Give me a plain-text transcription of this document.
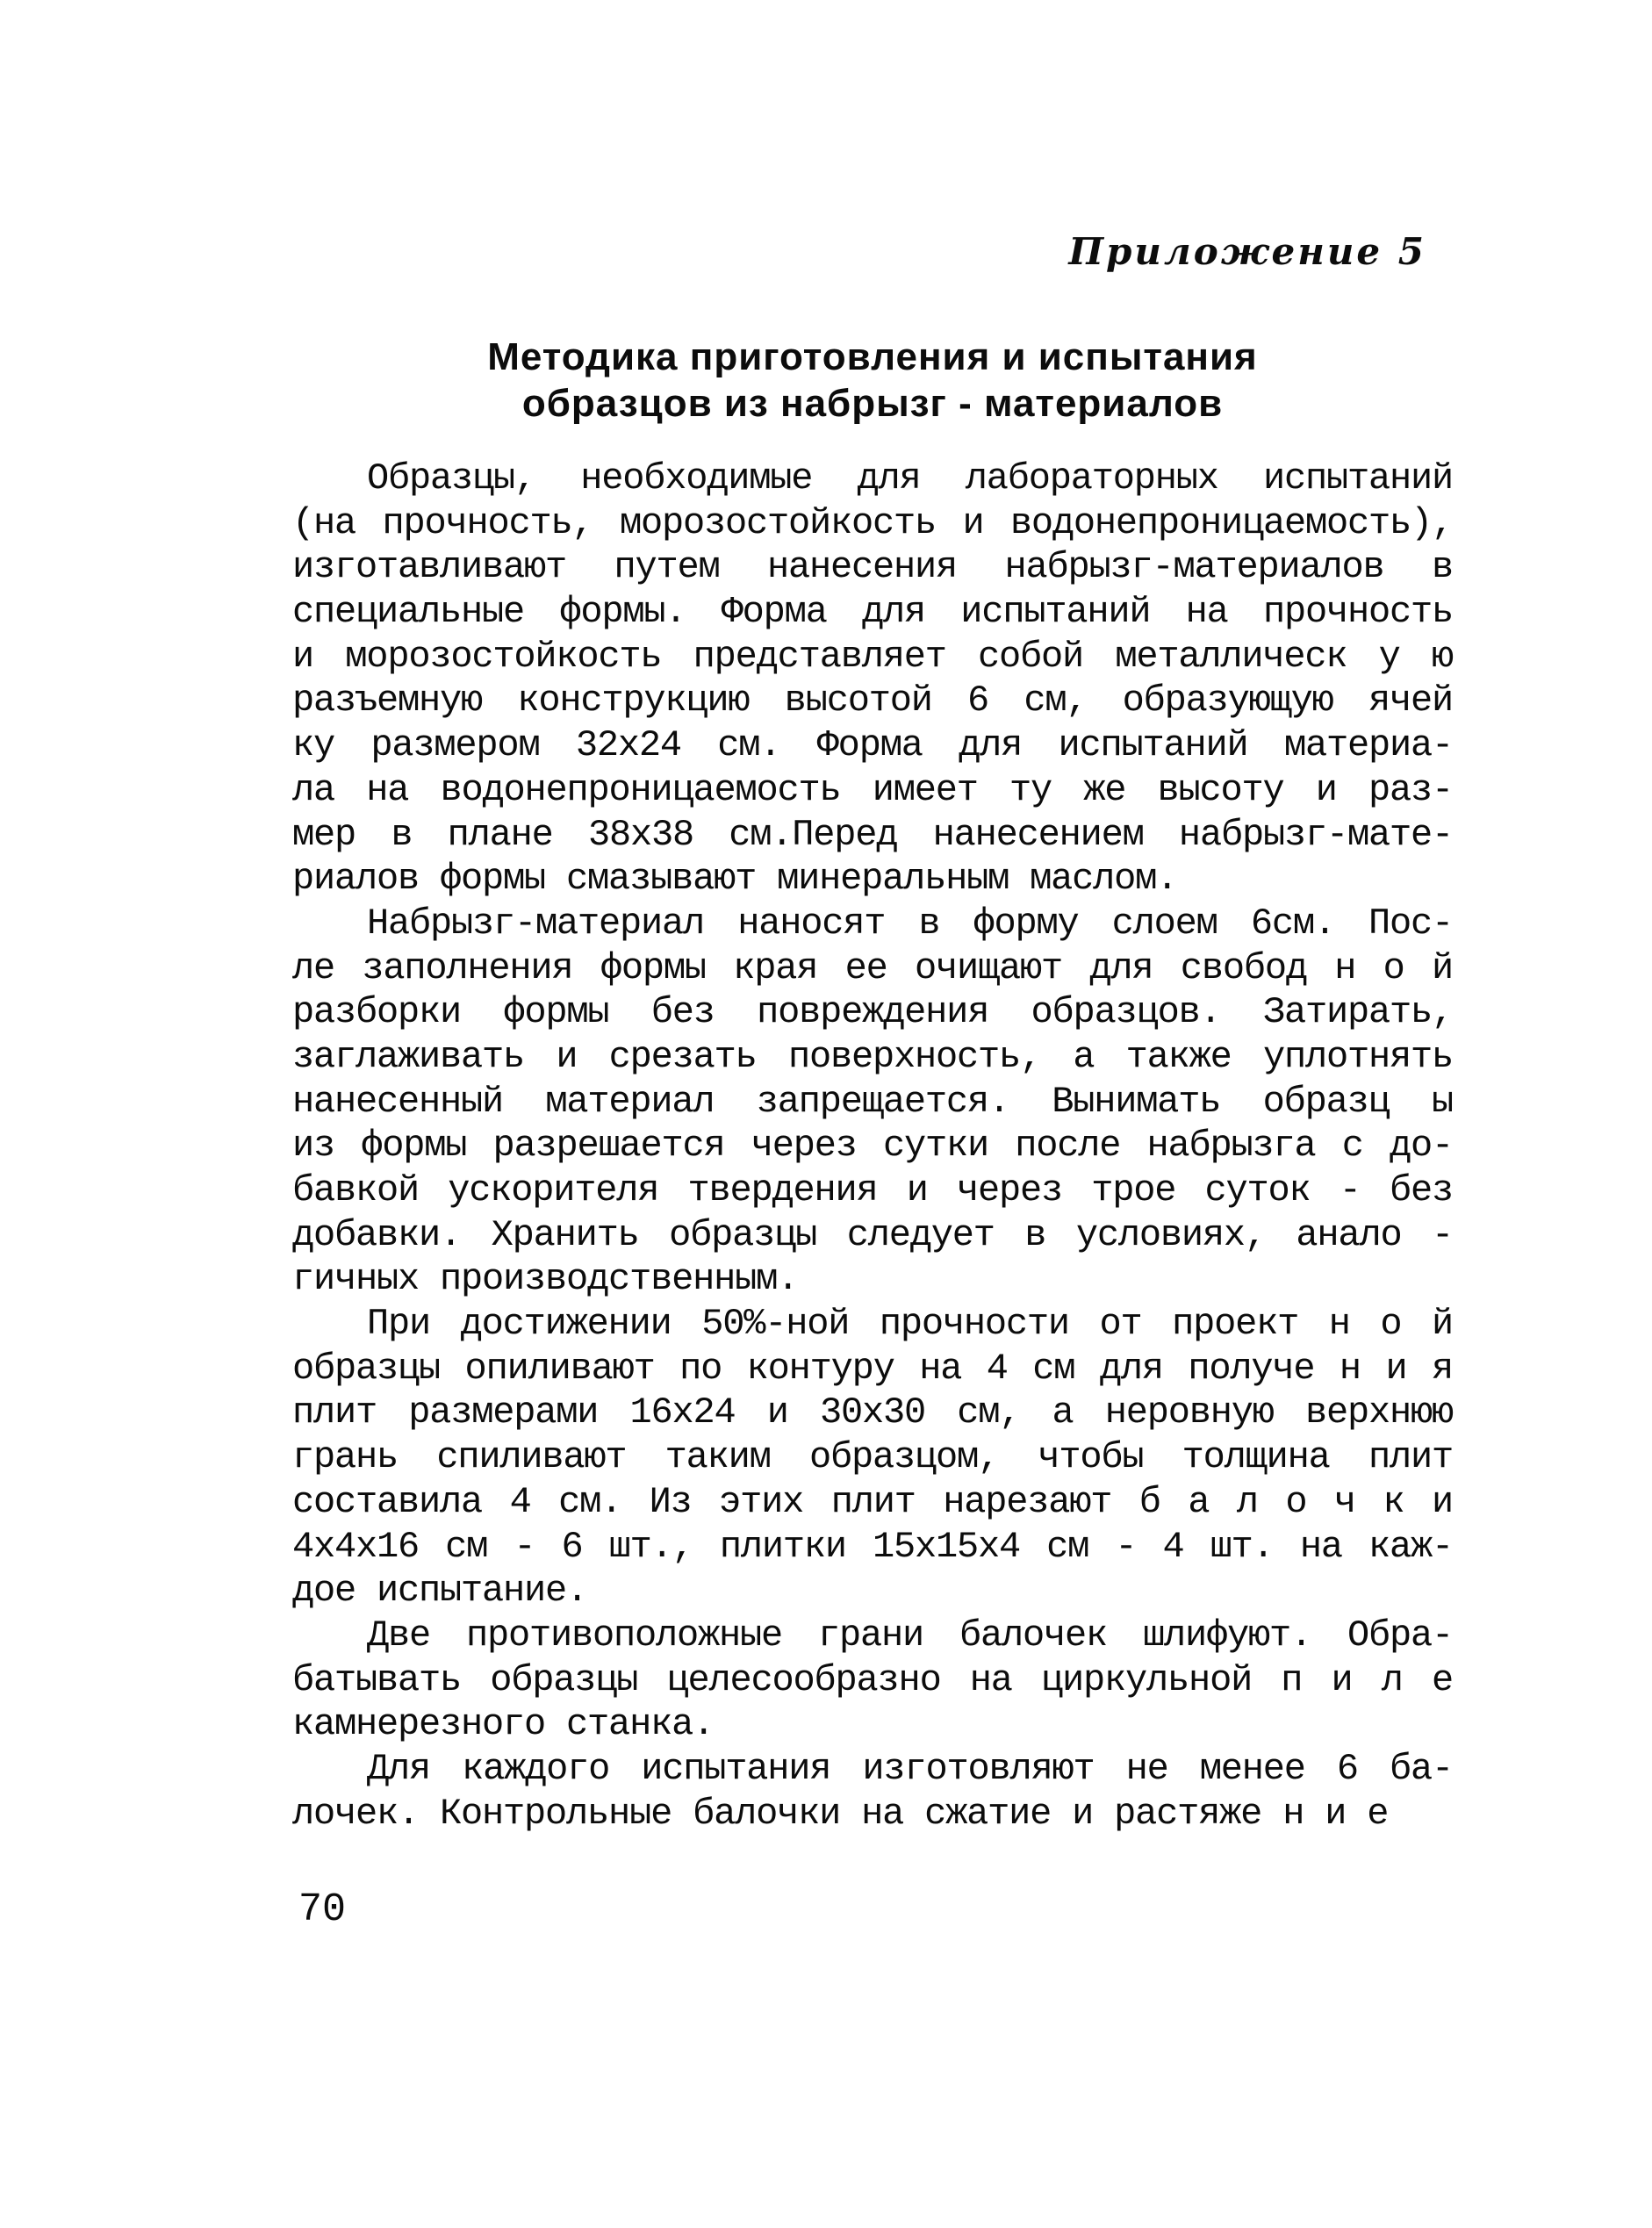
Приложение 5
Методика приготовления и испытания
образцов из набрызг - материалов
Образцы, необходимые для лабораторных испытаний
(на прочность, морозостойкость и водонепроницаемость),
изготавливают путем нанесения набрызг-материалов в
специальные формы. Форма для испытаний на прочность
и морозостойкость представляет собой металлическ у ю
разъемную конструкцию высотой 6 см, образующую ячей
ку размером 32х24 см. Форма для испытаний материа-
ла на водонепроницаемость имеет ту же высоту и раз-
мер в плане 38х38 см.Перед нанесением набрызг-мате-
риалов формы смазывают минеральным маслом.
Набрызг-материал наносят в форму слоем 6см. Пос-
ле заполнения формы края ее очищают для свобод н о й
разборки формы без повреждения образцов. Затирать,
заглаживать и срезать поверхность, а также уплотнять
нанесенный материал запрещается. Вынимать образц ы
из формы разрешается через сутки после набрызга с до-
бавкой ускорителя твердения и через трое суток - без
добавки. Хранить образцы следует в условиях, анало -
гичных производственным.
При достижении 50%-ной прочности от проект н о й
образцы опиливают по контуру на 4 см для получе н и я
плит размерами 16х24 и 30х30 см, а неровную верхнюю
грань спиливают таким образцом, чтобы толщина плит
составила 4 см. Из этих плит нарезают б а л о ч к и
4х4х16 см - 6 шт., плитки 15х15х4 см - 4 шт. на каж-
дое испытание.
Две противоположные грани балочек шлифуют. Обра-
батывать образцы целесообразно на циркульной п и л е
камнерезного станка.
Для каждого испытания изготовляют не менее 6 ба-
лочек. Контрольные балочки на сжатие и растяже н и е
70
